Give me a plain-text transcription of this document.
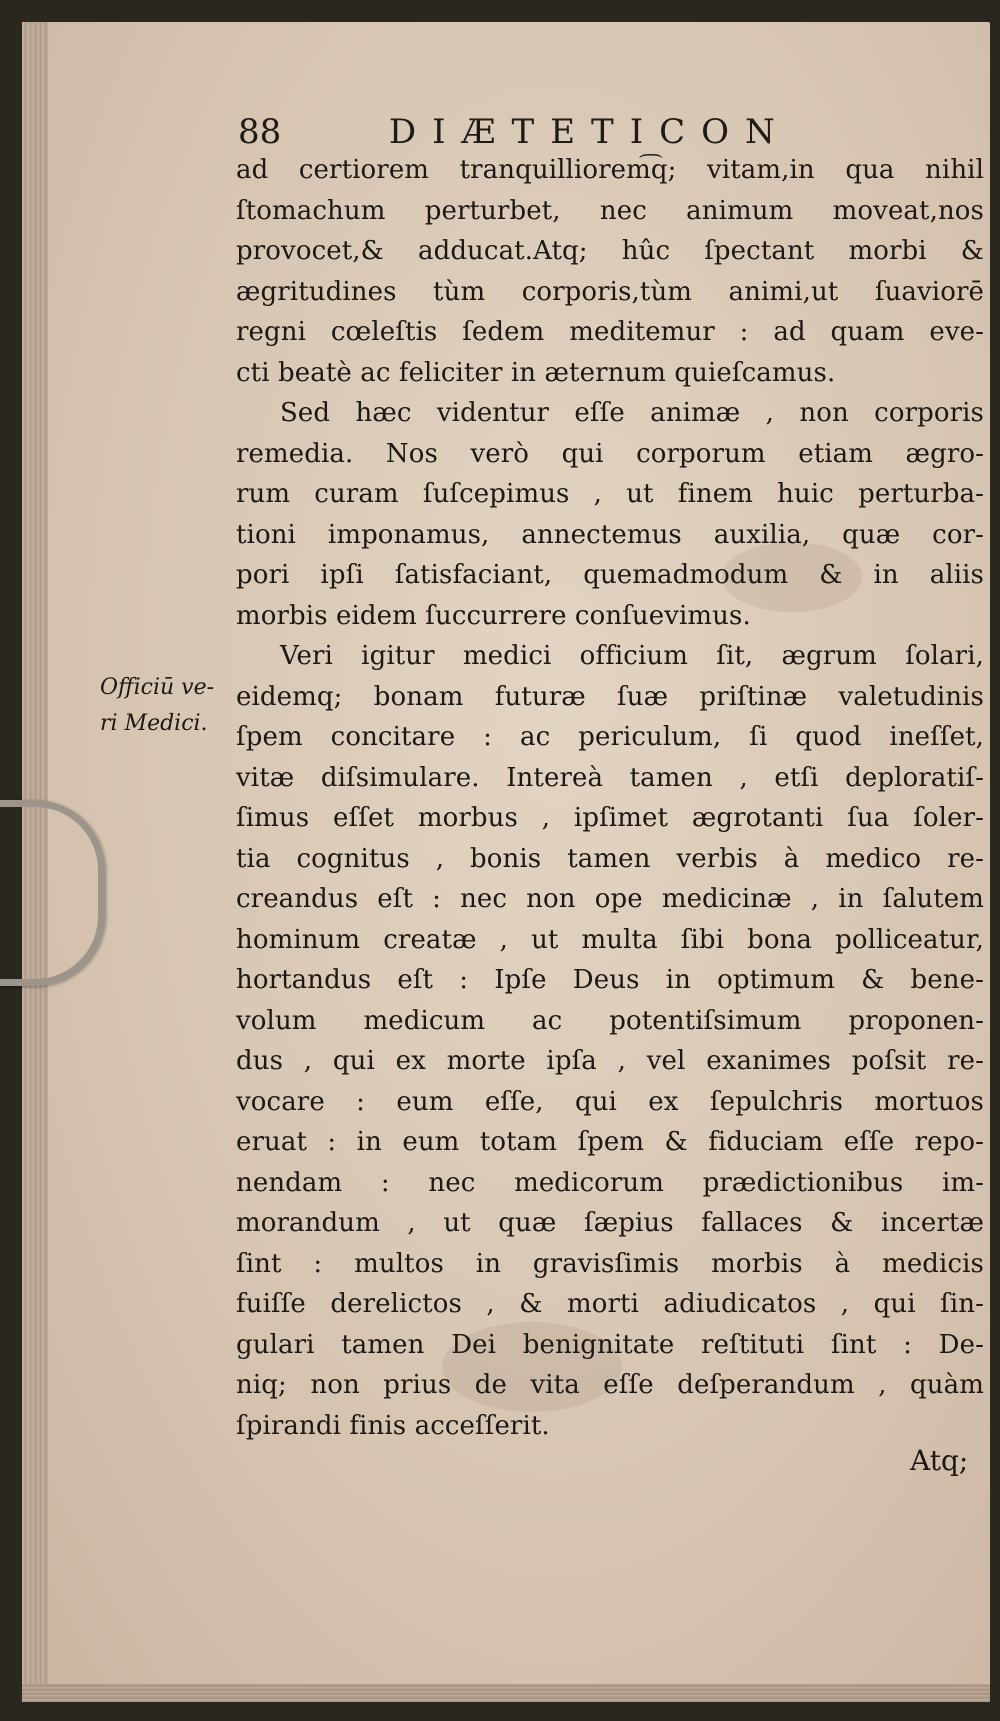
88	DIÆTETICON
Officiū ve-
ri Medici.
ad certiorem tranquilliorem͡q; vitam,in qua nihil
ſtomachum perturbet, nec animum moveat,nos
provocet,& adducat.Atq; hûc ſpectant morbi &
ægritudines tùm corporis,tùm animi,ut ſuaviorē
regni cœleſtis ſedem meditemur : ad quam eve-
cti beatè ac feliciter in æternum quieſcamus.
Sed hæc videntur eſſe animæ , non corporis
remedia. Nos verò qui corporum etiam ægro-
rum curam ſuſcepimus , ut finem huic perturba-
tioni imponamus, annectemus auxilia, quæ cor-
pori ipſi ſatisfaciant, quemadmodum & in aliis
morbis eidem ſuccurrere conſuevimus.
Veri igitur medici officium ſit, ægrum ſolari,
eidemq; bonam futuræ ſuæ priſtinæ valetudinis
ſpem concitare : ac periculum, ſi quod ineſſet,
vitæ diſsimulare. Intereà tamen , etſi deploratiſ-
ſimus eſſet morbus , ipſimet ægrotanti ſua ſoler-
tia cognitus , bonis tamen verbis à medico re-
creandus eſt : nec non ope medicinæ , in ſalutem
hominum creatæ , ut multa ſibi bona polliceatur,
hortandus eſt : Ipſe Deus in optimum & bene-
volum medicum ac potentiſsimum proponen-
dus , qui ex morte ipſa , vel exanimes poſsit re-
vocare : eum eſſe, qui ex ſepulchris mortuos
eruat : in eum totam ſpem & fiduciam eſſe repo-
nendam : nec medicorum prædictionibus im-
morandum , ut quæ ſæpius fallaces & incertæ
ſint : multos in gravisſimis morbis à medicis
fuiſſe derelictos , & morti adiudicatos , qui ſin-
gulari tamen Dei benignitate reſtituti ſint : De-
niq; non prius de vita eſſe deſperandum , quàm
ſpirandi finis acceſſerit.
Atq;
